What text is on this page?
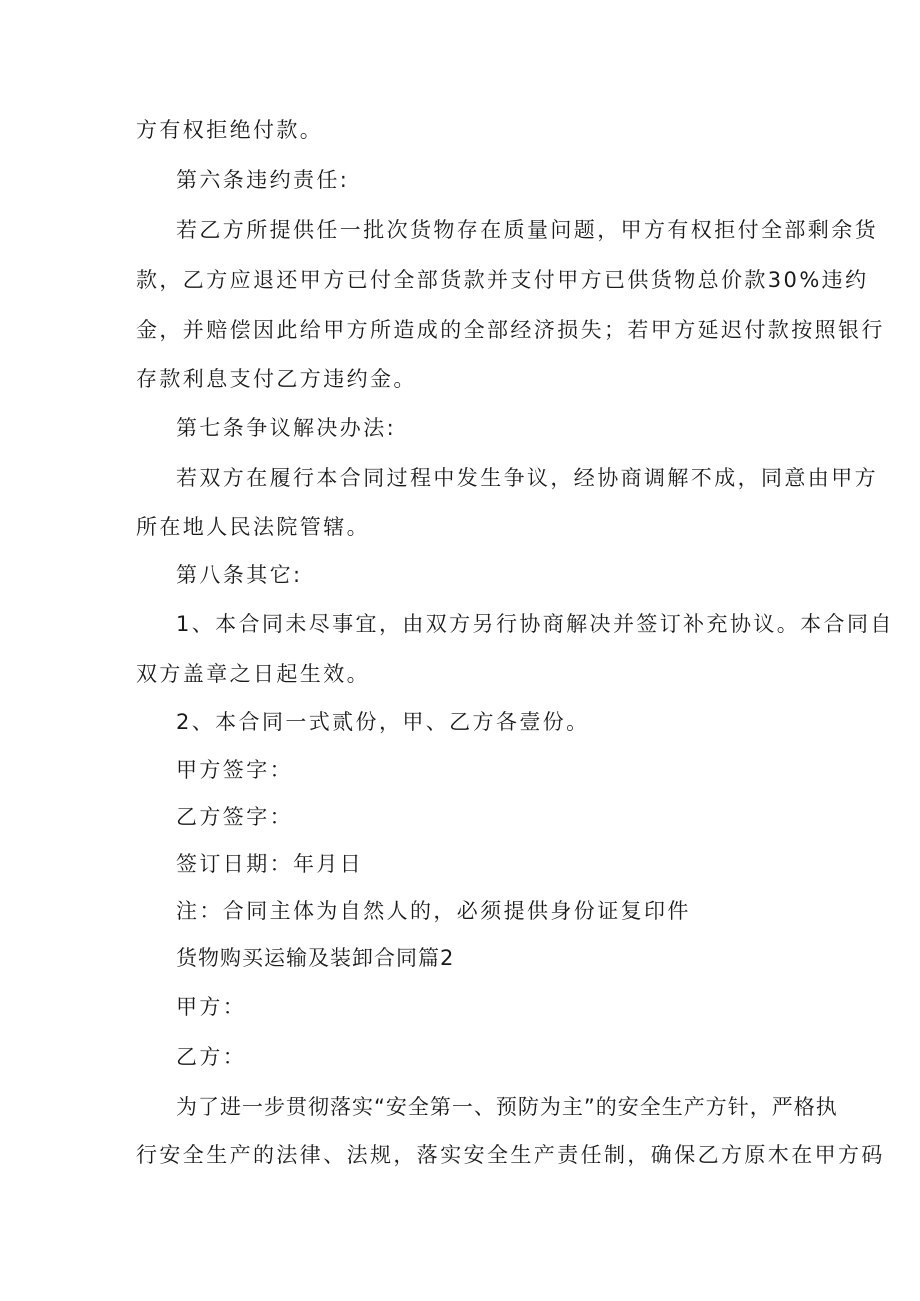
方有权拒绝付款。
第六条违约责任:
若乙方所提供任一批次货物存在质量问题，甲方有权拒付全部剩余货
款，乙方应退还甲方已付全部货款并支付甲方已供货物总价款30%违约
金，并赔偿因此给甲方所造成的全部经济损失；若甲方延迟付款按照银行
存款利息支付乙方违约金。
第七条争议解决办法:
若双方在履行本合同过程中发生争议，经协商调解不成，同意由甲方
所在地人民法院管辖。
第八条其它:
1、本合同未尽事宜，由双方另行协商解决并签订补充协议。本合同自
双方盖章之日起生效。
2、本合同一式贰份，甲、乙方各壹份。
甲方签字：
乙方签字：
签订日期：年月日
注：合同主体为自然人的，必须提供身份证复印件
货物购买运输及装卸合同篇2
甲方：
乙方：
为了进一步贯彻落实“安全第一、预防为主”的安全生产方针，严格执
行安全生产的法律、法规，落实安全生产责任制，确保乙方原木在甲方码
